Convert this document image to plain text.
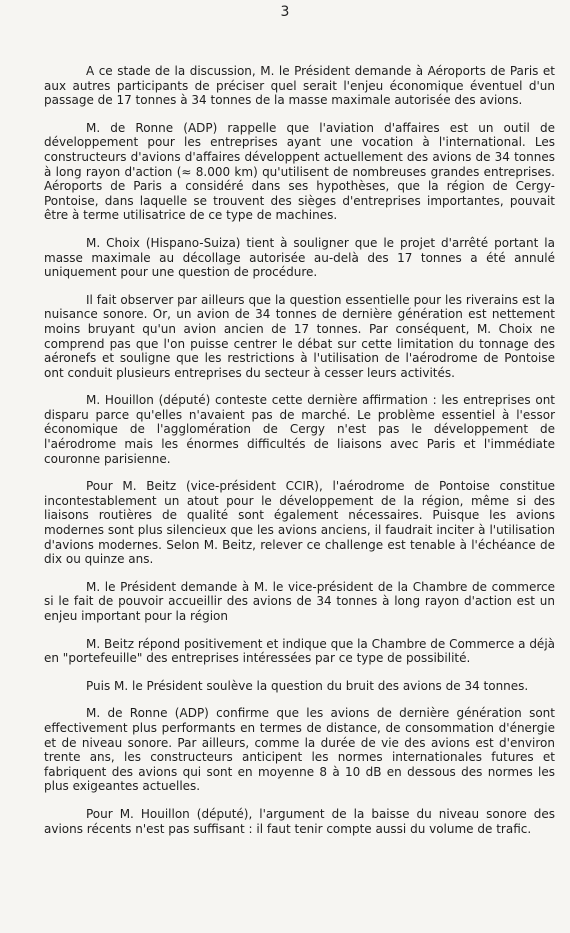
3

A ce stade de la discussion, M. le Président demande à Aéroports de Paris et aux autres participants de préciser quel serait l'enjeu économique éventuel d'un passage de 17 tonnes à 34 tonnes de la masse maximale autorisée des avions.

M. de Ronne (ADP) rappelle que l'aviation d'affaires est un outil de développement pour les entreprises ayant une vocation à l'international. Les constructeurs d'avions d'affaires développent actuellement des avions de 34 tonnes à long rayon d'action (≈ 8.000 km) qu'utilisent de nombreuses grandes entreprises. Aéroports de Paris a considéré dans ses hypothèses, que la région de Cergy-Pontoise, dans laquelle se trouvent des sièges d'entreprises importantes, pouvait être à terme utilisatrice de ce type de machines.

M. Choix (Hispano-Suiza) tient à souligner que le projet d'arrêté portant la masse maximale au décollage autorisée au-delà des 17 tonnes a été annulé uniquement pour une question de procédure.

Il fait observer par ailleurs que la question essentielle pour les riverains est la nuisance sonore. Or, un avion de 34 tonnes de dernière génération est nettement moins bruyant qu'un avion ancien de 17 tonnes. Par conséquent, M. Choix ne comprend pas que l'on puisse centrer le débat sur cette limitation du tonnage des aéronefs et souligne que les restrictions à l'utilisation de l'aérodrome de Pontoise ont conduit plusieurs entreprises du secteur à cesser leurs activités.

M. Houillon (député) conteste cette dernière affirmation : les entreprises ont disparu parce qu'elles n'avaient pas de marché. Le problème essentiel à l'essor économique de l'agglomération de Cergy n'est pas le développement de l'aérodrome mais les énormes difficultés de liaisons avec Paris et l'immédiate couronne parisienne.

Pour M. Beitz (vice-président CCIR), l'aérodrome de Pontoise constitue incontestablement un atout pour le développement de la région, même si des liaisons routières de qualité sont également nécessaires. Puisque les avions modernes sont plus silencieux que les avions anciens, il faudrait inciter à l'utilisation d'avions modernes. Selon M. Beitz, relever ce challenge est tenable à l'échéance de dix ou quinze ans.

M. le Président demande à M. le vice-président de la Chambre de commerce si le fait de pouvoir accueillir des avions de 34 tonnes à long rayon d'action est un enjeu important pour la région

M. Beitz répond positivement et indique que la Chambre de Commerce a déjà en "portefeuille" des entreprises intéressées par ce type de possibilité.

Puis M. le Président soulève la question du bruit des avions de 34 tonnes.

M. de Ronne (ADP) confirme que les avions de dernière génération sont effectivement plus performants en termes de distance, de consommation d'énergie et de niveau sonore. Par ailleurs, comme la durée de vie des avions est d'environ trente ans, les constructeurs anticipent les normes internationales futures et fabriquent des avions qui sont en moyenne 8 à 10 dB en dessous des normes les plus exigeantes actuelles.

Pour M. Houillon (député), l'argument de la baisse du niveau sonore des avions récents n'est pas suffisant : il faut tenir compte aussi du volume de trafic.
